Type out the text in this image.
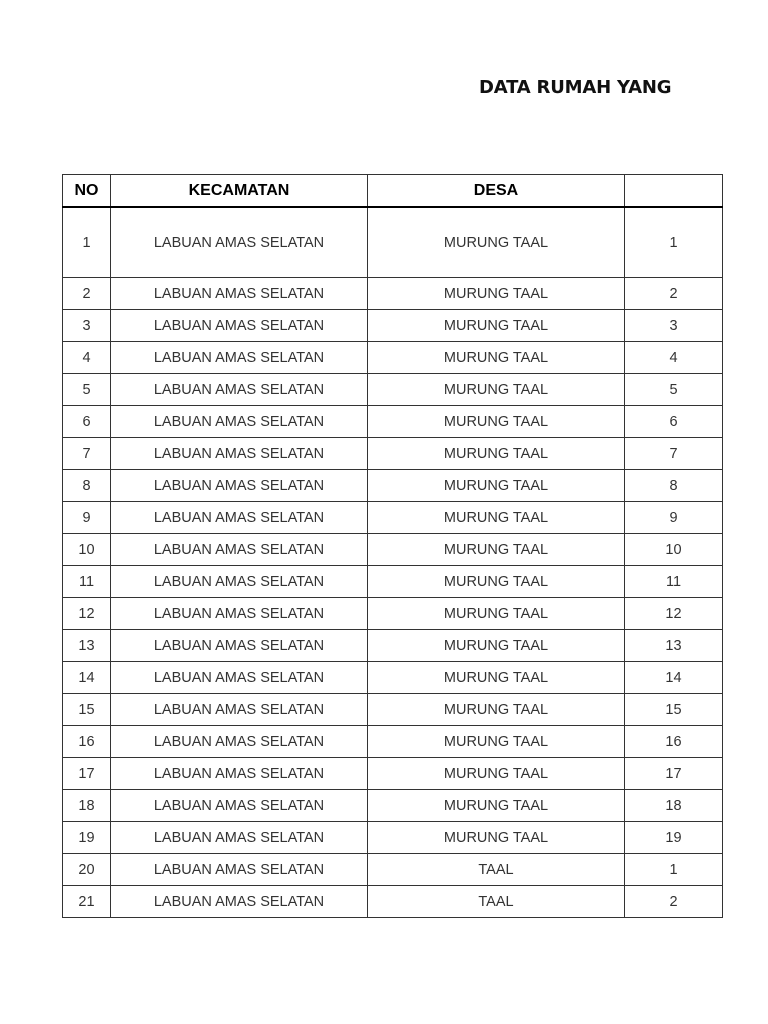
DATA RUMAH YANG
NO	KECAMATAN	DESA	
1	LABUAN AMAS SELATAN	MURUNG TAAL	1
2	LABUAN AMAS SELATAN	MURUNG TAAL	2
3	LABUAN AMAS SELATAN	MURUNG TAAL	3
4	LABUAN AMAS SELATAN	MURUNG TAAL	4
5	LABUAN AMAS SELATAN	MURUNG TAAL	5
6	LABUAN AMAS SELATAN	MURUNG TAAL	6
7	LABUAN AMAS SELATAN	MURUNG TAAL	7
8	LABUAN AMAS SELATAN	MURUNG TAAL	8
9	LABUAN AMAS SELATAN	MURUNG TAAL	9
10	LABUAN AMAS SELATAN	MURUNG TAAL	10
11	LABUAN AMAS SELATAN	MURUNG TAAL	11
12	LABUAN AMAS SELATAN	MURUNG TAAL	12
13	LABUAN AMAS SELATAN	MURUNG TAAL	13
14	LABUAN AMAS SELATAN	MURUNG TAAL	14
15	LABUAN AMAS SELATAN	MURUNG TAAL	15
16	LABUAN AMAS SELATAN	MURUNG TAAL	16
17	LABUAN AMAS SELATAN	MURUNG TAAL	17
18	LABUAN AMAS SELATAN	MURUNG TAAL	18
19	LABUAN AMAS SELATAN	MURUNG TAAL	19
20	LABUAN AMAS SELATAN	TAAL	1
21	LABUAN AMAS SELATAN	TAAL	2
